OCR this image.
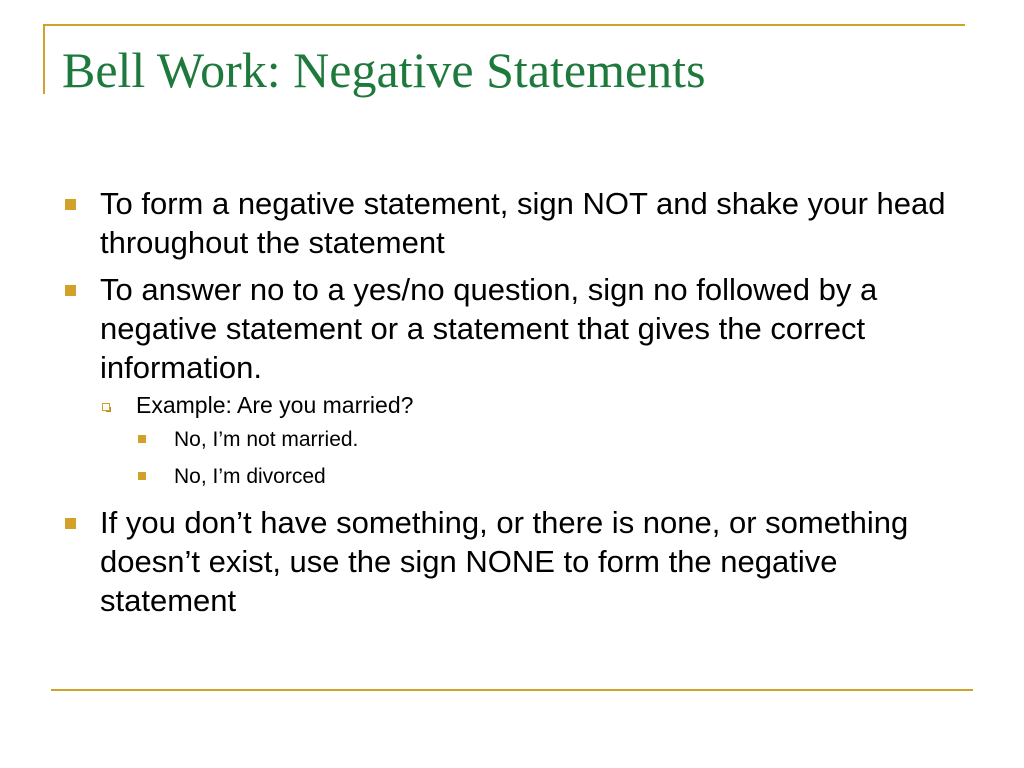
Bell Work: Negative Statements
To form a negative statement, sign NOT and shake your head throughout the statement
To answer no to a yes/no question, sign no followed by a negative statement or a statement that gives the correct information.
Example: Are you married?
No, I’m not married.
No, I’m divorced
If you don’t have something, or there is none, or something doesn’t exist, use the sign NONE to form the negative statement
